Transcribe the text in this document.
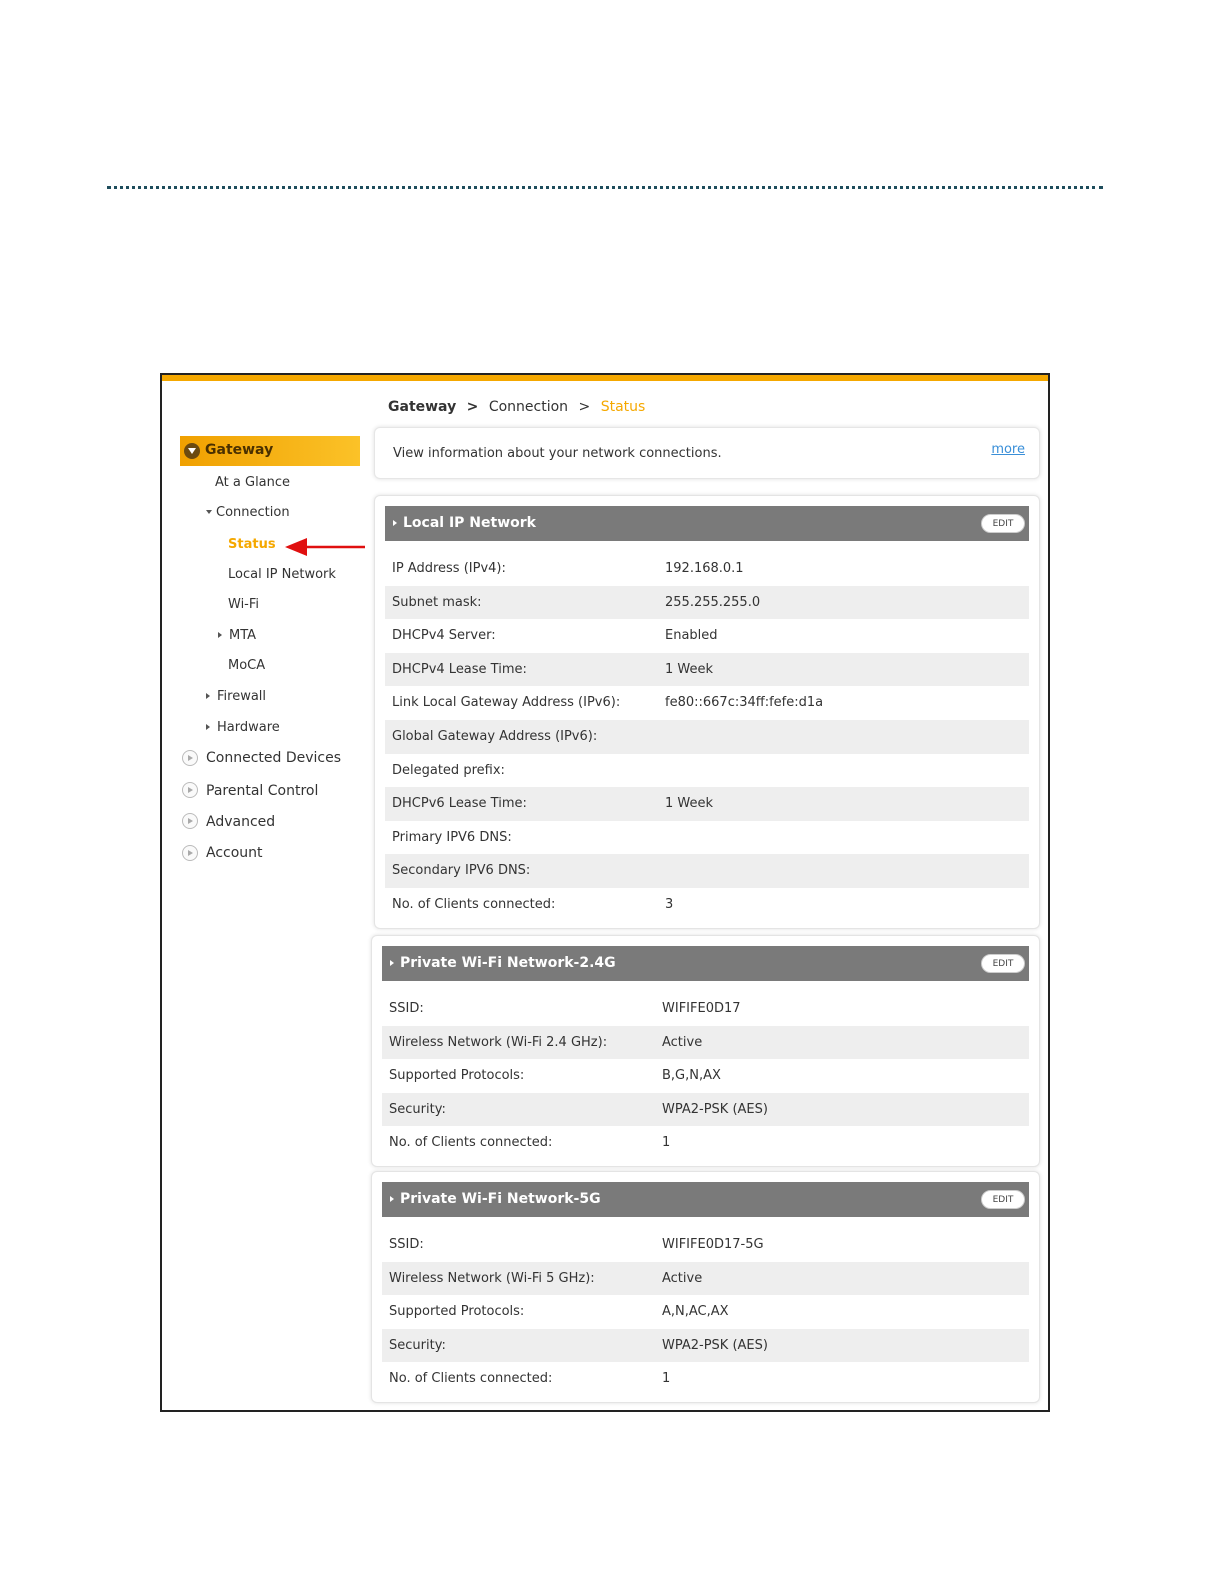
Gateway > Connection > Status
Gateway
At a Glance
Connection
Status
Local IP Network
Wi-Fi
MTA
MoCA
Firewall
Hardware
Connected Devices
Parental Control
Advanced
Account
View information about your network connections.	more
Local IP Network	EDIT
IP Address (IPv4):	192.168.0.1
Subnet mask:	255.255.255.0
DHCPv4 Server:	Enabled
DHCPv4 Lease Time:	1 Week
Link Local Gateway Address (IPv6):	fe80::667c:34ff:fefe:d1a
Global Gateway Address (IPv6):
Delegated prefix:
DHCPv6 Lease Time:	1 Week
Primary IPV6 DNS:
Secondary IPV6 DNS:
No. of Clients connected:	3
Private Wi-Fi Network-2.4G	EDIT
SSID:	WIFIFE0D17
Wireless Network (Wi-Fi 2.4 GHz):	Active
Supported Protocols:	B,G,N,AX
Security:	WPA2-PSK (AES)
No. of Clients connected:	1
Private Wi-Fi Network-5G	EDIT
SSID:	WIFIFE0D17-5G
Wireless Network (Wi-Fi 5 GHz):	Active
Supported Protocols:	A,N,AC,AX
Security:	WPA2-PSK (AES)
No. of Clients connected:	1
